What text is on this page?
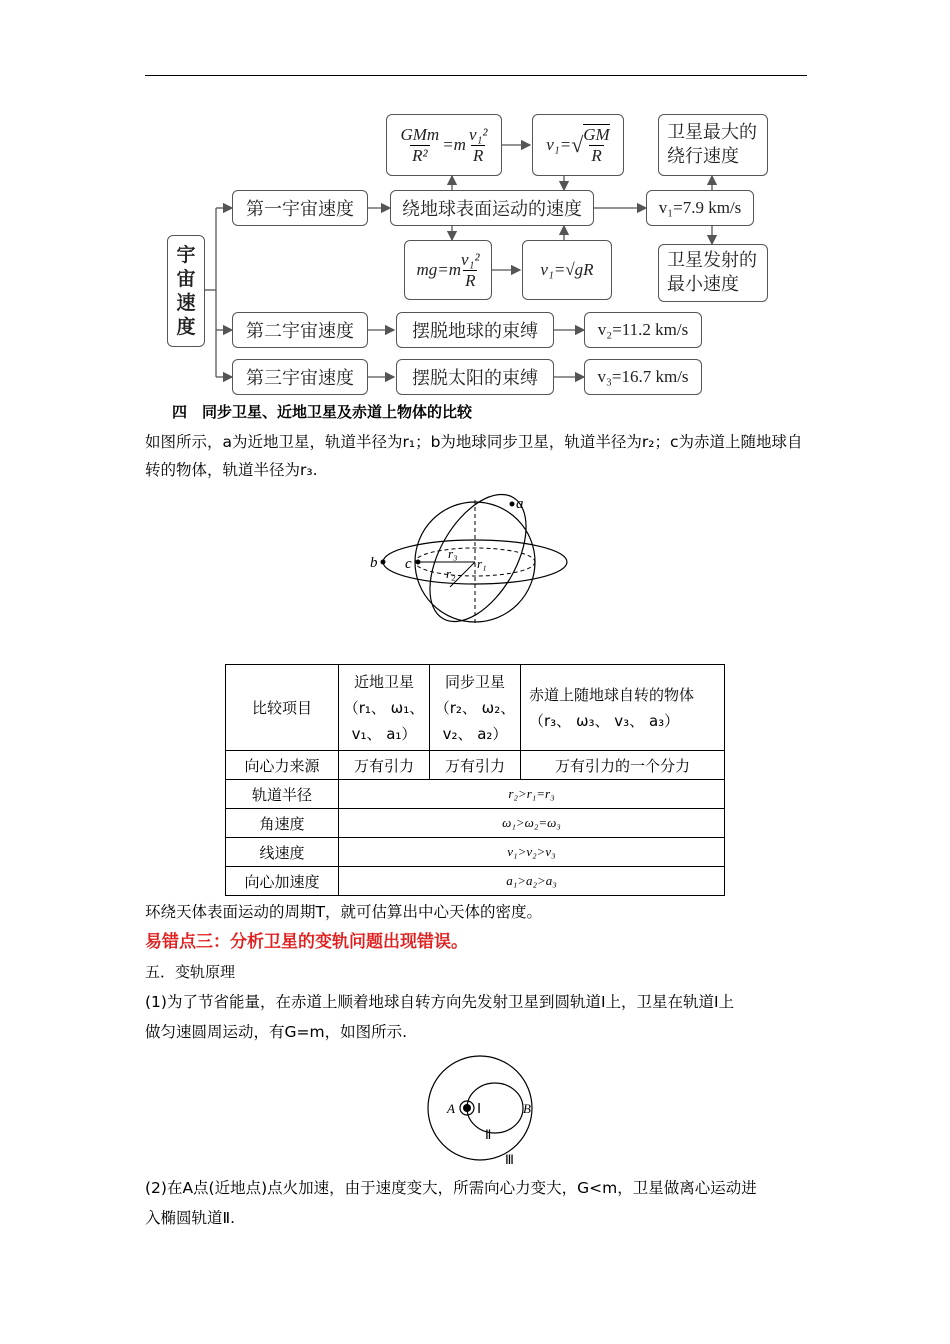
宇宙速度
第一宇宙速度
第二宇宙速度
第三宇宙速度
绕地球表面运动的速度
摆脱地球的束缚
摆脱太阳的束缚
v₁=7.9 km/s
v₂=11.2 km/s
v₃=16.7 km/s
卫星最大的绕行速度
卫星发射的最小速度
GMm
R²
=m
v₁²
R
v₁= √ $\frac{GM}{R}$
$mg=m \frac{\text{v₁²}}{R}$	v₁=√gR
四　同步卫星、近地卫星及赤道上物体的比较
如图所示，a为近地卫星，轨道半径为r₁；b为地球同步卫星，轨道半径为r₂；c为赤道上随地球自转的物体，轨道半径为r₃.
a
b c	r₁
r₂
r₃
比较项目	近地卫星（r₁、 ω₁、 v₁、 a₁）	同步卫星（r₂、 ω₂、 v₂、 a₂）	赤道上随地球自转的物体（r₃、 ω₃、 v₃、 a₃）
向心力来源	万有引力	万有引力	万有引力的一个分力
轨道半径	r₂>r₁=r₃		
角速度	ω₁>ω₂=ω₃		
线速度	v₁>v₂>v₃		
向心加速度	a₁>a₂>a₃		
环绕天体表面运动的周期T，就可估算出中心天体的密度。
易错点三：分析卫星的变轨问题出现错误。
五．变轨原理
(1)为了节省能量，在赤道上顺着地球自转方向先发射卫星到圆轨道Ⅰ上，卫星在轨道Ⅰ上
做匀速圆周运动，有G=m，如图所示.
A Ⅰ	B
Ⅱ
Ⅲ
(2)在A点(近地点)点火加速，由于速度变大，所需向心力变大，G<m，卫星做离心运动进
入椭圆轨道Ⅱ.
